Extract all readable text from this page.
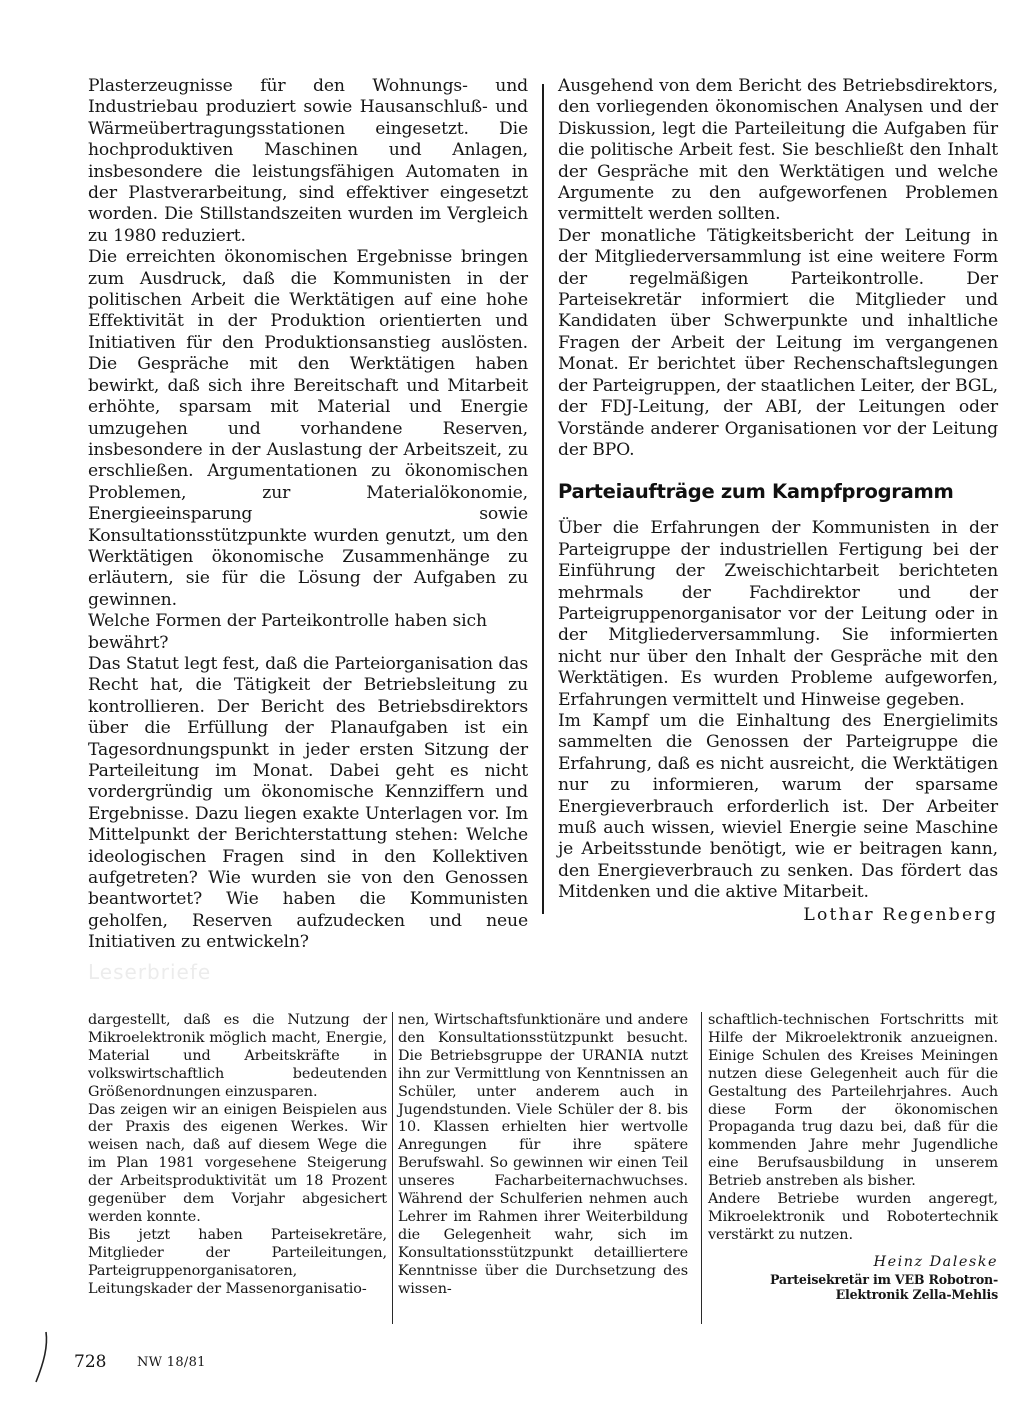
Plasterzeugnisse für den Wohnungs- und Industriebau produziert sowie Hausanschluß- und Wärmeübertragungsstationen eingesetzt. Die hochproduktiven Maschinen und Anlagen, insbesondere die leistungsfähigen Automaten in der Plastverarbeitung, sind effektiver eingesetzt worden. Die Stillstandszeiten wurden im Vergleich zu 1980 reduziert.

Die erreichten ökonomischen Ergebnisse bringen zum Ausdruck, daß die Kommunisten in der politischen Arbeit die Werktätigen auf eine hohe Effektivität in der Produktion orientierten und Initiativen für den Produktionsanstieg auslösten. Die Gespräche mit den Werktätigen haben bewirkt, daß sich ihre Bereitschaft und Mitarbeit erhöhte, sparsam mit Material und Energie umzugehen und vorhandene Reserven, insbesondere in der Auslastung der Arbeitszeit, zu erschließen. Argumentationen zu ökonomischen Problemen, zur Materialökonomie, Energieeinsparung sowie Konsultationsstützpunkte wurden genutzt, um den Werktätigen ökonomische Zusammenhänge zu erläutern, sie für die Lösung der Aufgaben zu gewinnen.

Welche Formen der Parteikontrolle haben sich bewährt?

Das Statut legt fest, daß die Parteiorganisation das Recht hat, die Tätigkeit der Betriebsleitung zu kontrollieren. Der Bericht des Betriebsdirektors über die Erfüllung der Planaufgaben ist ein Tagesordnungspunkt in jeder ersten Sitzung der Parteileitung im Monat. Dabei geht es nicht vordergründig um ökonomische Kennziffern und Ergebnisse. Dazu liegen exakte Unterlagen vor. Im Mittelpunkt der Berichterstattung stehen: Welche ideologischen Fragen sind in den Kollektiven aufgetreten? Wie wurden sie von den Genossen beantwortet? Wie haben die Kommunisten geholfen, Reserven aufzudecken und neue Initiativen zu entwickeln?

Ausgehend von dem Bericht des Betriebsdirektors, den vorliegenden ökonomischen Analysen und der Diskussion, legt die Parteileitung die Aufgaben für die politische Arbeit fest. Sie beschließt den Inhalt der Gespräche mit den Werktätigen und welche Argumente zu den aufgeworfenen Problemen vermittelt werden sollten.

Der monatliche Tätigkeitsbericht der Leitung in der Mitgliederversammlung ist eine weitere Form der regelmäßigen Parteikontrolle. Der Parteisekretär informiert die Mitglieder und Kandidaten über Schwerpunkte und inhaltliche Fragen der Arbeit der Leitung im vergangenen Monat. Er berichtet über Rechenschaftslegungen der Parteigruppen, der staatlichen Leiter, der BGL, der FDJ-Leitung, der ABI, der Leitungen oder Vorstände anderer Organisationen vor der Leitung der BPO.

Parteiaufträge zum Kampfprogramm

Über die Erfahrungen der Kommunisten in der Parteigruppe der industriellen Fertigung bei der Einführung der Zweischichtarbeit berichteten mehrmals der Fachdirektor und der Parteigruppenorganisator vor der Leitung oder in der Mitgliederversammlung. Sie informierten nicht nur über den Inhalt der Gespräche mit den Werktätigen. Es wurden Probleme aufgeworfen, Erfahrungen vermittelt und Hinweise gegeben.

Im Kampf um die Einhaltung des Energielimits sammelten die Genossen der Parteigruppe die Erfahrung, daß es nicht ausreicht, die Werktätigen nur zu informieren, warum der sparsame Energieverbrauch erforderlich ist. Der Arbeiter muß auch wissen, wieviel Energie seine Maschine je Arbeitsstunde benötigt, wie er beitragen kann, den Energieverbrauch zu senken. Das fördert das Mitdenken und die aktive Mitarbeit.

Lothar Regenberg

Leserbriefe

dargestellt, daß es die Nutzung der Mikroelektronik möglich macht, Energie, Material und Arbeitskräfte in volkswirtschaftlich bedeutenden Größenordnungen einzusparen.

Das zeigen wir an einigen Beispielen aus der Praxis des eigenen Werkes. Wir weisen nach, daß auf diesem Wege die im Plan 1981 vorgesehene Steigerung der Arbeitsproduktivität um 18 Prozent gegenüber dem Vorjahr abgesichert werden konnte.

Bis jetzt haben Parteisekretäre, Mitglieder der Parteileitungen, Parteigruppenorganisatoren, Leitungskader der Massenorganisatio-

nen, Wirtschaftsfunktionäre und andere den Konsultationsstützpunkt besucht. Die Betriebsgruppe der URANIA nutzt ihn zur Vermittlung von Kenntnissen an Schüler, unter anderem auch in Jugendstunden. Viele Schüler der 8. bis 10. Klassen erhielten hier wertvolle Anregungen für ihre spätere Berufswahl. So gewinnen wir einen Teil unseres Facharbeiternachwuchses. Während der Schulferien nehmen auch Lehrer im Rahmen ihrer Weiterbildung die Gelegenheit wahr, sich im Konsultationsstützpunkt detailliertere Kenntnisse über die Durchsetzung des wissen-

schaftlich-technischen Fortschritts mit Hilfe der Mikroelektronik anzueignen. Einige Schulen des Kreises Meiningen nutzen diese Gelegenheit auch für die Gestaltung des Parteilehrjahres. Auch diese Form der ökonomischen Propaganda trug dazu bei, daß für die kommenden Jahre mehr Jugendliche eine Berufsausbildung in unserem Betrieb anstreben als bisher.

Andere Betriebe wurden angeregt, Mikroelektronik und Robotertechnik verstärkt zu nutzen.

Heinz Daleske

Parteisekretär im VEB Robotron-

Elektronik Zella-Mehlis

728 NW 18/81
